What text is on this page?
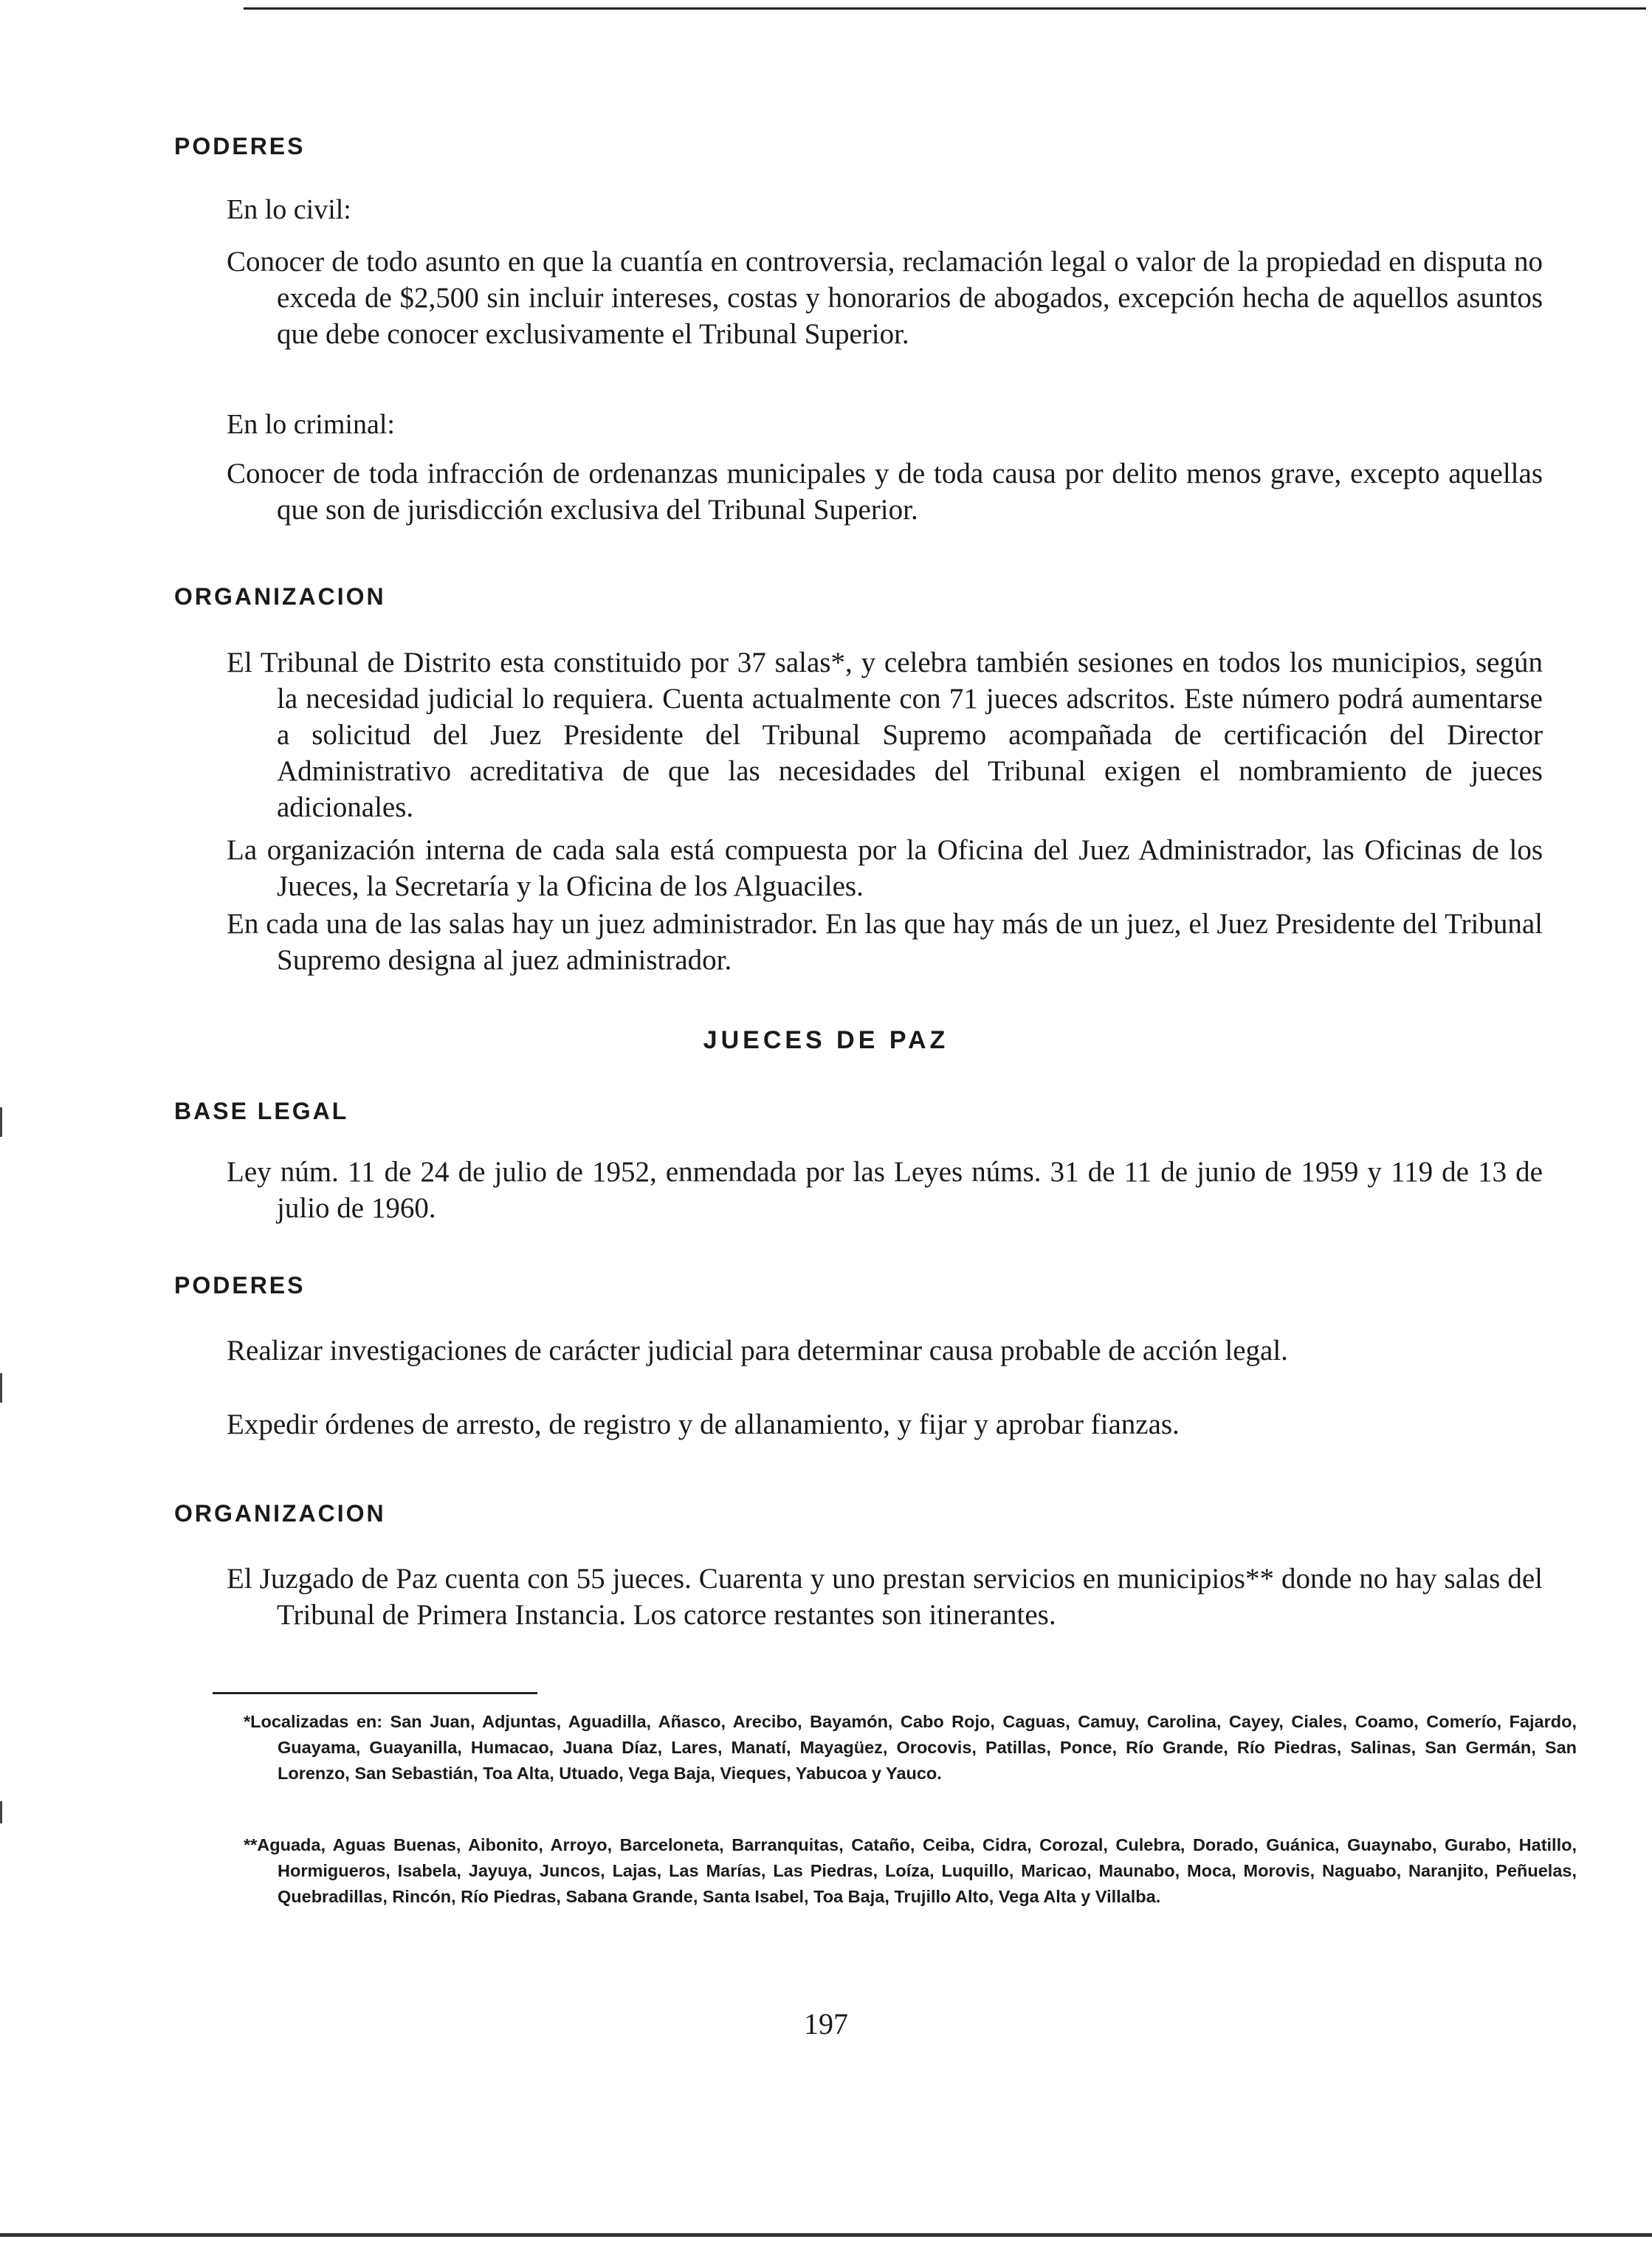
PODERES

En lo civil:

Conocer de todo asunto en que la cuantía en controversia, reclamación legal o valor de la propiedad en disputa no exceda de $2,500 sin incluir intereses, costas y honorarios de abogados, excepción hecha de aquellos asuntos que debe conocer exclusivamente el Tribunal Superior.

En lo criminal:

Conocer de toda infracción de ordenanzas municipales y de toda causa por delito menos grave, excepto aquellas que son de jurisdicción exclusiva del Tribunal Superior.

ORGANIZACION

El Tribunal de Distrito esta constituido por 37 salas*, y celebra también sesiones en todos los municipios, según la necesidad judicial lo requiera. Cuenta actualmente con 71 jueces adscritos. Este número podrá aumentarse a solicitud del Juez Presidente del Tribunal Supremo acompañada de certificación del Director Administrativo acreditativa de que las necesidades del Tribunal exigen el nombramiento de jueces adicionales.

La organización interna de cada sala está compuesta por la Oficina del Juez Administrador, las Oficinas de los Jueces, la Secretaría y la Oficina de los Alguaciles.

En cada una de las salas hay un juez administrador. En las que hay más de un juez, el Juez Presidente del Tribunal Supremo designa al juez administrador.

JUECES DE PAZ
BASE LEGAL

Ley núm. 11 de 24 de julio de 1952, enmendada por las Leyes núms. 31 de 11 de junio de 1959 y 119 de 13 de julio de 1960.

PODERES

Realizar investigaciones de carácter judicial para determinar causa probable de acción legal.

Expedir órdenes de arresto, de registro y de allanamiento, y fijar y aprobar fianzas.

ORGANIZACION

El Juzgado de Paz cuenta con 55 jueces. Cuarenta y uno prestan servicios en municipios** donde no hay salas del Tribunal de Primera Instancia. Los catorce restantes son itinerantes.

*Localizadas en: San Juan, Adjuntas, Aguadilla, Añasco, Arecibo, Bayamón, Cabo Rojo, Caguas, Camuy, Carolina, Cayey, Ciales, Coamo, Comerío, Fajardo, Guayama, Guayanilla, Humacao, Juana Díaz, Lares, Manatí, Mayagüez, Orocovis, Patillas, Ponce, Río Grande, Río Piedras, Salinas, San Germán, San Lorenzo, San Sebastián, Toa Alta, Utuado, Vega Baja, Vieques, Yabucoa y Yauco.

**Aguada, Aguas Buenas, Aibonito, Arroyo, Barceloneta, Barranquitas, Cataño, Ceiba, Cidra, Corozal, Culebra, Dorado, Guánica, Guaynabo, Gurabo, Hatillo, Hormigueros, Isabela, Jayuya, Juncos, Lajas, Las Marías, Las Piedras, Loíza, Luquillo, Maricao, Maunabo, Moca, Morovis, Naguabo, Naranjito, Peñuelas, Quebradillas, Rincón, Río Piedras, Sabana Grande, Santa Isabel, Toa Baja, Trujillo Alto, Vega Alta y Villalba.

197
